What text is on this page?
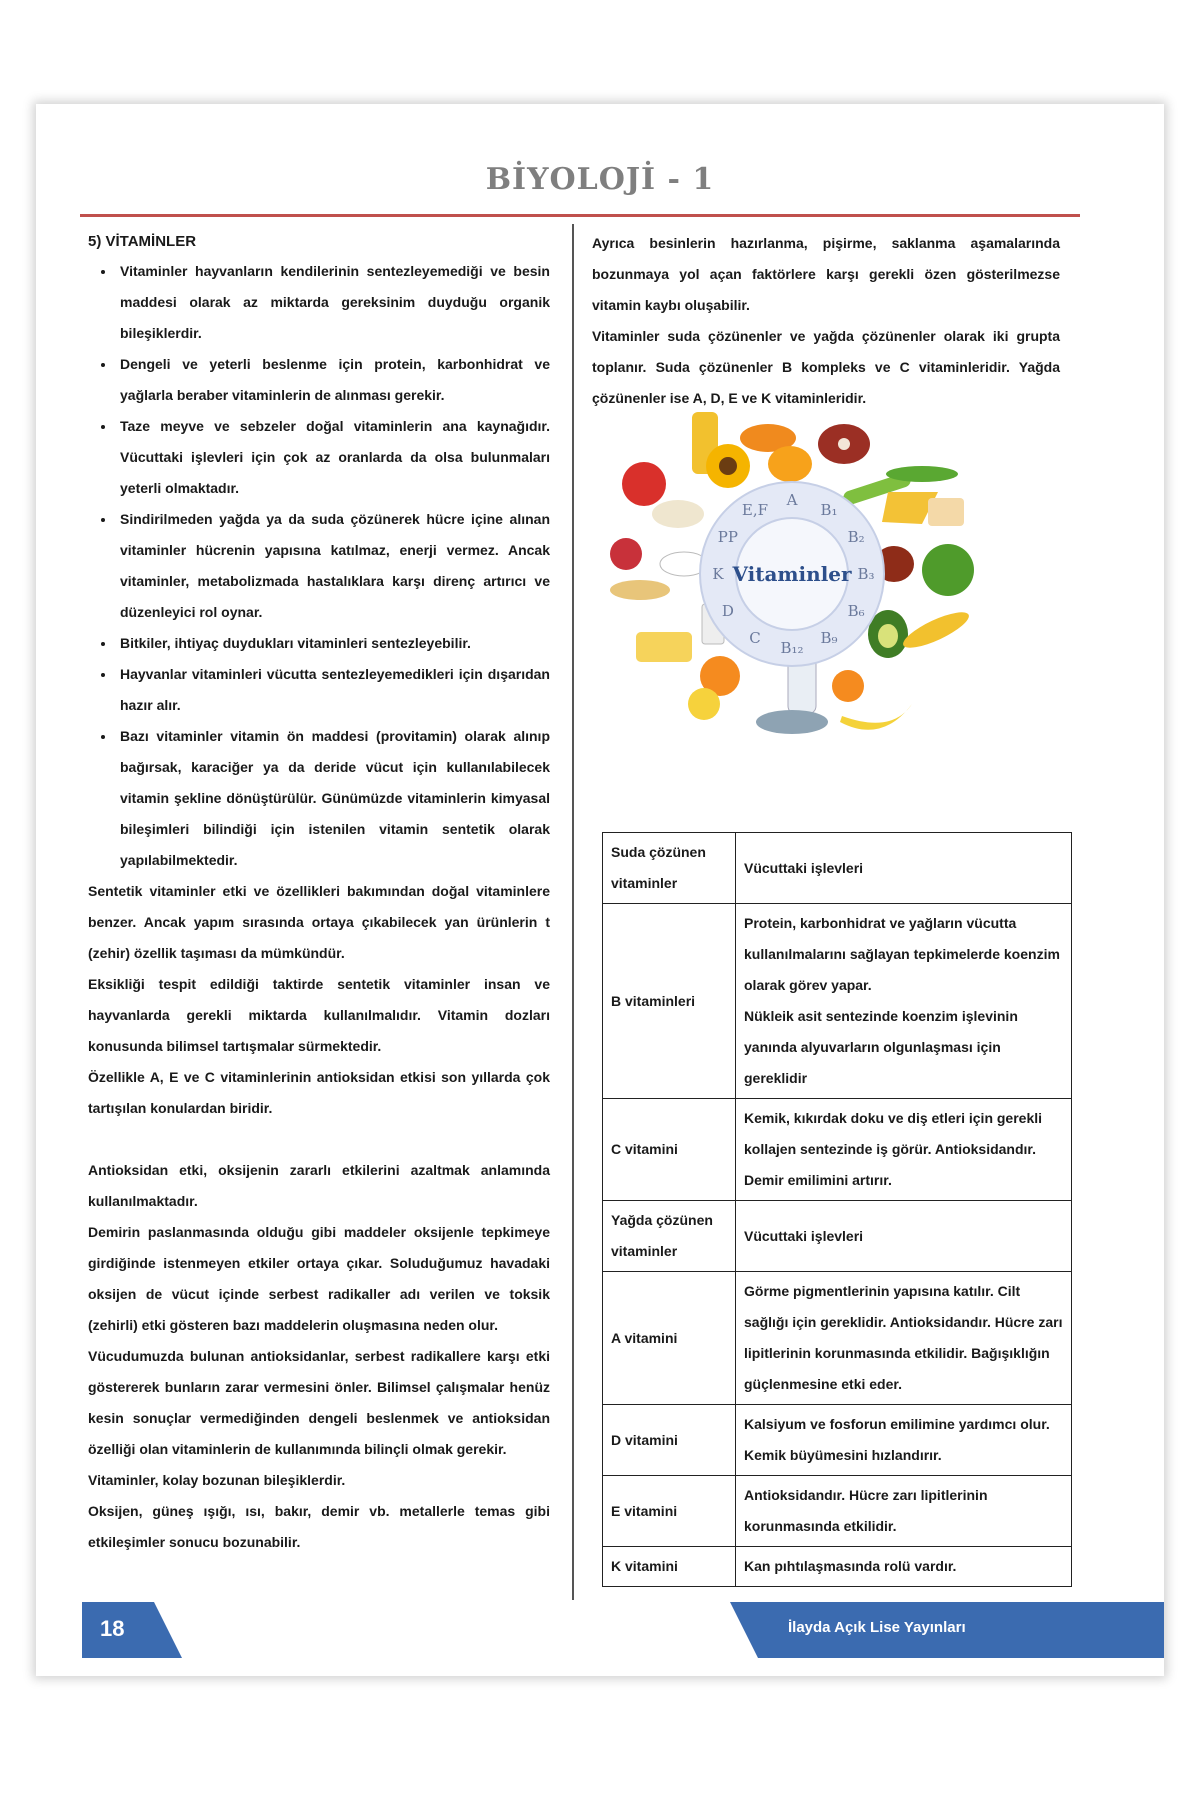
BİYOLOJİ - 1
5) VİTAMİNLER
• Vitaminler hayvanların kendilerinin sentezleyemediği ve besin maddesi olarak az miktarda gereksinim duyduğu organik bileşiklerdir.
• Dengeli ve yeterli beslenme için protein, karbonhidrat ve yağlarla beraber vitaminlerin de alınması gerekir.
• Taze meyve ve sebzeler doğal vitaminlerin ana kaynağıdır. Vücuttaki işlevleri için çok az oranlarda da olsa bulunmaları yeterli olmaktadır.
• Sindirilmeden yağda ya da suda çözünerek hücre içine alınan vitaminler hücrenin yapısına katılmaz, enerji vermez. Ancak vitaminler, metabolizmada hastalıklara karşı direnç artırıcı ve düzenleyici rol oynar.
• Bitkiler, ihtiyaç duydukları vitaminleri sentezleyebilir.
• Hayvanlar vitaminleri vücutta sentezleyemedikleri için dışarıdan hazır alır.
• Bazı vitaminler vitamin ön maddesi (provitamin) olarak alınıp bağırsak, karaciğer ya da deride vücut için kullanılabilecek vitamin şekline dönüştürülür. Günümüzde vitaminlerin kimyasal bileşimleri bilindiği için istenilen vitamin sentetik olarak yapılabilmektedir.

Sentetik vitaminler etki ve özellikleri bakımından doğal vitaminlere benzer. Ancak yapım sırasında ortaya çıkabilecek yan ürünlerin t (zehir) özellik taşıması da mümkündür.

Eksikliği tespit edildiği taktirde sentetik vitaminler insan ve hayvanlarda gerekli miktarda kullanılmalıdır. Vitamin dozları konusunda bilimsel tartışmalar sürmektedir.

Özellikle A, E ve C vitaminlerinin antioksidan etkisi son yıllarda çok tartışılan konulardan biridir.

Antioksidan etki, oksijenin zararlı etkilerini azaltmak anlamında kullanılmaktadır.

Demirin paslanmasında olduğu gibi maddeler oksijenle tepkimeye girdiğinde istenmeyen etkiler ortaya çıkar. Soluduğumuz havadaki oksijen de vücut içinde serbest radikaller adı verilen ve toksik (zehirli) etki gösteren bazı maddelerin oluşmasına neden olur.

Vücudumuzda bulunan antioksidanlar, serbest radikallere karşı etki göstererek bunların zarar vermesini önler. Bilimsel çalışmalar henüz kesin sonuçlar vermediğinden dengeli beslenmek ve antioksidan özelliği olan vitaminlerin de kullanımında bilinçli olmak gerekir.

Vitaminler, kolay bozunan bileşiklerdir.

Oksijen, güneş ışığı, ısı, bakır, demir vb. metallerle temas gibi etkileşimler sonucu bozunabilir.

Ayrıca besinlerin hazırlanma, pişirme, saklanma aşamalarında bozunmaya yol açan faktörlere karşı gerekli özen gösterilmezse vitamin kaybı oluşabilir.

Vitaminler suda çözünenler ve yağda çözünenler olarak iki grupta toplanır. Suda çözünenler B kompleks ve C vitaminleridir. Yağda çözünenler ise A, D, E ve K vitaminleridir.

Vitaminler
A
B₁
B₂
B₃
B₆
B₉
B₁₂
C
D
K
PP
E,F
Suda çözünen vitaminler	Vücuttaki işlevleri

B vitaminleri	Protein, karbonhidrat ve yağların vücutta kullanılmalarını sağlayan tepkimelerde koenzim olarak görev yapar.
Nükleik asit sentezinde koenzim işlevinin yanında alyuvarların olgunlaşması için gereklidir

C vitamini	Kemik, kıkırdak doku ve diş etleri için gerekli kollajen sentezinde iş görür. Antioksidandır. Demir emilimini artırır.

Yağda çözünen vitaminler	Vücuttaki işlevleri

A vitamini	Görme pigmentlerinin yapısına katılır. Cilt sağlığı için gereklidir. Antioksidandır. Hücre zarı lipitlerinin korunmasında etkilidir. Bağışıklığın güçlenmesine etki eder.

D vitamini	Kalsiyum ve fosforun emilimine yardımcı olur. Kemik büyümesini hızlandırır.

E vitamini	Antioksidandır. Hücre zarı lipitlerinin korunmasında etkilidir.

K vitamini	Kan pıhtılaşmasında rolü vardır.
18	İlayda Açık Lise Yayınları
